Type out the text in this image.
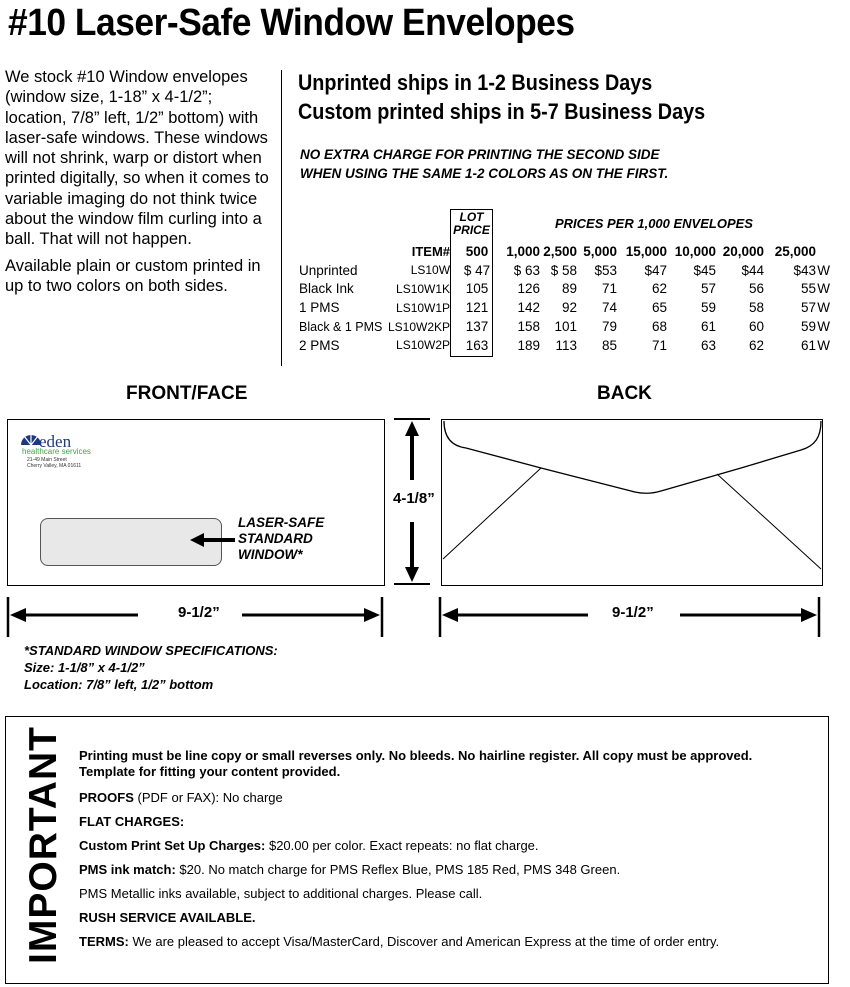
#10 Laser-Safe Window Envelopes

We stock #10 Window envelopes (window size, 1-18” x 4-1/2”; location, 7/8” left, 1/2” bottom) with laser-safe windows. These windows will not shrink, warp or distort when printed digitally, so when it comes to variable imaging do not think twice about the window film curling into a ball. That will not happen.

Available plain or custom printed in up to two colors on both sides.

Unprinted ships in 1-2 Business Days
Custom printed ships in 5-7 Business Days
NO EXTRA CHARGE FOR PRINTING THE SECOND SIDE
WHEN USING THE SAME 1-2 COLORS AS ON THE FIRST.
LOT
PRICE	PRICES PER 1,000 ENVELOPES
	ITEM#	500	1,000	2,500	5,000	15,000	10,000	20,000	25,000	
Unprinted	LS10W	$ 47	$ 63	$ 58	$53	$47	$45	$44	$43	W
Black Ink	LS10W1K	105	126	89	71	62	57	56	55	W
1 PMS	LS10W1P	121	142	92	74	65	59	58	57	W
Black & 1 PMS	LS10W2KP	137	158	101	79	68	61	60	59	W
2 PMS	LS10W2P	163	189	113	85	71	63	62	61	W
FRONT/FACE	BACK
eden
healthcare services
21-49 Main Street
Cherry Valley, MA 01611
LASER-SAFE
STANDARD
WINDOW*
4-1/8”
9-1/2”	9-1/2”
*STANDARD WINDOW SPECIFICATIONS:
Size: 1-1/8” x 4-1/2”
Location: 7/8” left, 1/2” bottom
IMPORTANT Printing must be line copy or small reverses only. No bleeds. No hairline register. All copy must be approved.
Template for fitting your content provided.

PROOFS (PDF or FAX): No charge

FLAT CHARGES:

Custom Print Set Up Charges: $20.00 per color. Exact repeats: no flat charge.

PMS ink match: $20. No match charge for PMS Reflex Blue, PMS 185 Red, PMS 348 Green.

PMS Metallic inks available, subject to additional charges. Please call.

RUSH SERVICE AVAILABLE.

TERMS: We are pleased to accept Visa/MasterCard, Discover and American Express at the time of order entry.
